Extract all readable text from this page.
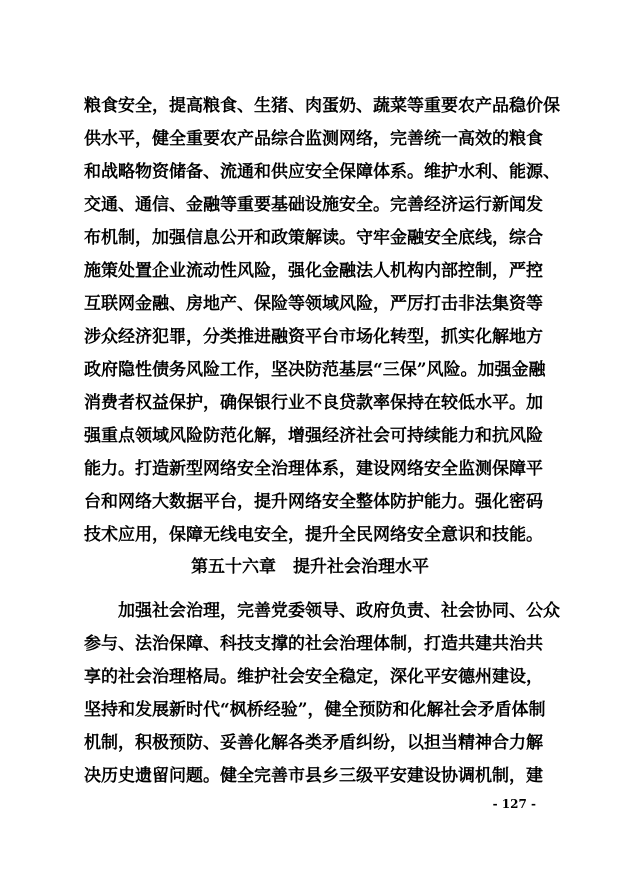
粮食安全，提高粮食、生猪、肉蛋奶、蔬菜等重要农产品稳价保
供水平，健全重要农产品综合监测网络，完善统一高效的粮食
和战略物资储备、流通和供应安全保障体系。维护水利、能源、
交通、通信、金融等重要基础设施安全。完善经济运行新闻发
布机制，加强信息公开和政策解读。守牢金融安全底线，综合
施策处置企业流动性风险，强化金融法人机构内部控制，严控
互联网金融、房地产、保险等领域风险，严厉打击非法集资等
涉众经济犯罪，分类推进融资平台市场化转型，抓实化解地方
政府隐性债务风险工作，坚决防范基层“三保”风险。加强金融
消费者权益保护，确保银行业不良贷款率保持在较低水平。加
强重点领域风险防范化解，增强经济社会可持续能力和抗风险
能力。打造新型网络安全治理体系，建设网络安全监测保障平
台和网络大数据平台，提升网络安全整体防护能力。强化密码
技术应用，保障无线电安全，提升全民网络安全意识和技能。
第五十六章　提升社会治理水平
　　加强社会治理，完善党委领导、政府负责、社会协同、公众
参与、法治保障、科技支撑的社会治理体制，打造共建共治共
享的社会治理格局。维护社会安全稳定，深化平安德州建设，
坚持和发展新时代“枫桥经验”，健全预防和化解社会矛盾体制
机制，积极预防、妥善化解各类矛盾纠纷，以担当精神合力解
决历史遗留问题。健全完善市县乡三级平安建设协调机制，建
- 127 -
